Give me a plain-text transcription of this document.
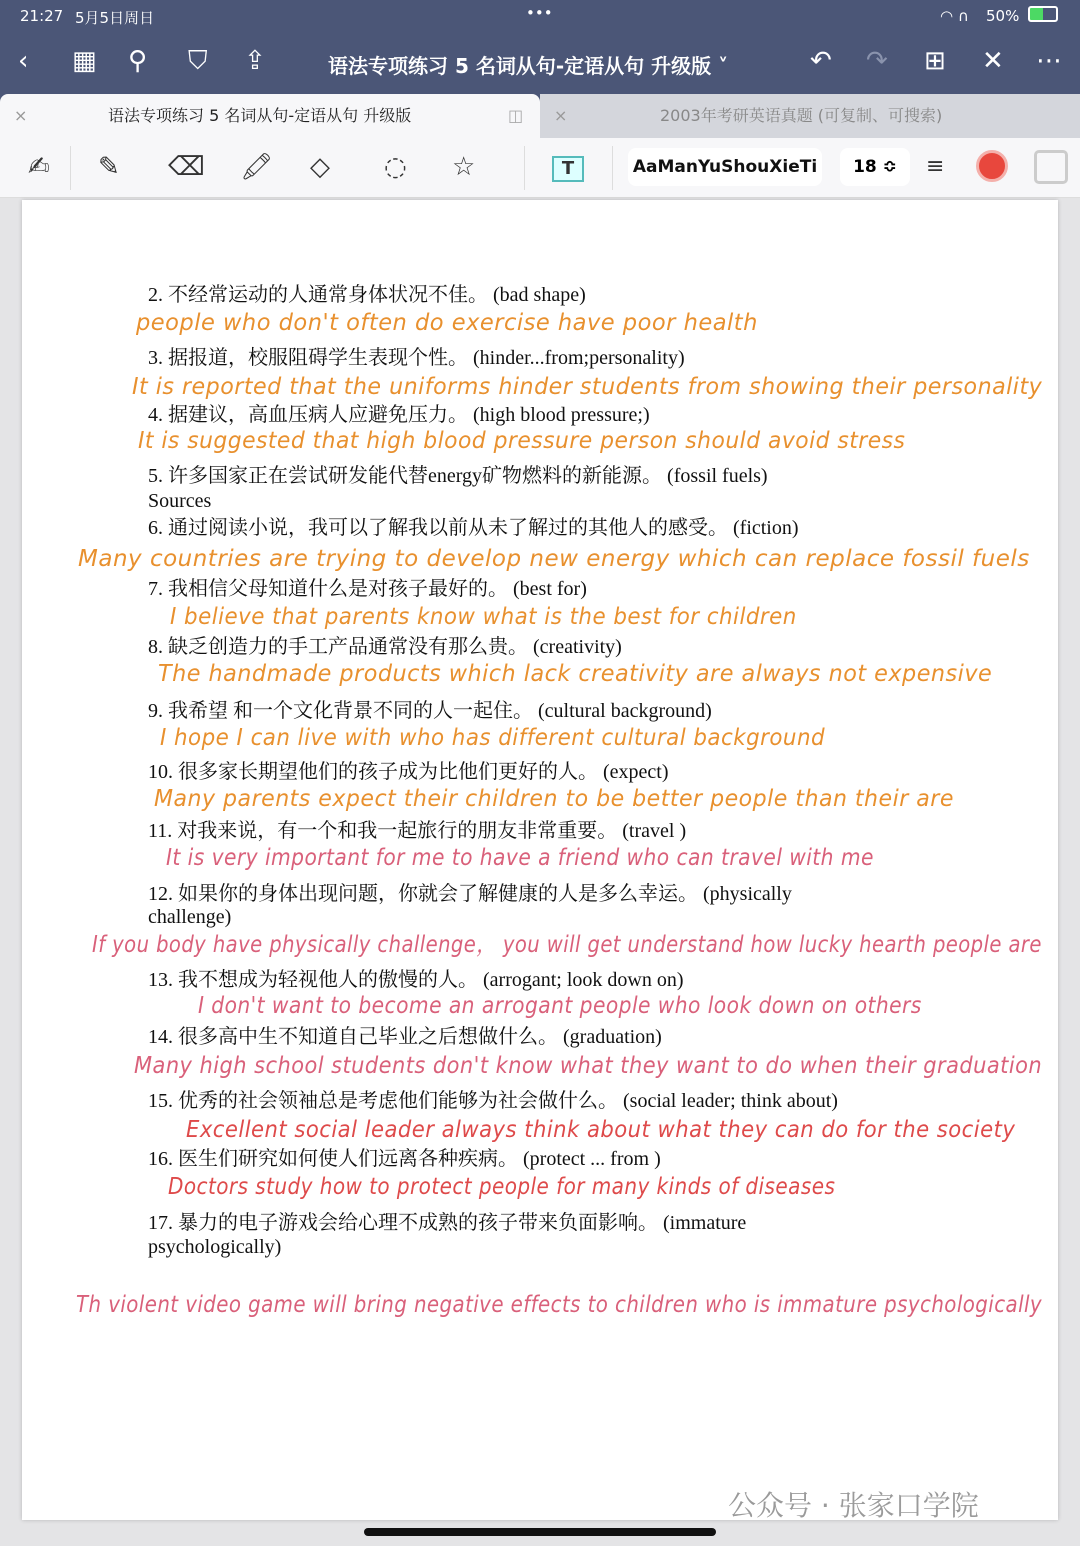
21:27 5月5日周日	•••	◠ ∩ 50%
‹ ▦ ⚲ ⛉ ⇪	语法专项练习 5 名词从句-定语从句 升级版 ˅	↶ ↷ ⊞ ✕ ⋯
×	语法专项练习 5 名词从句-定语从句 升级版	◫ ×	2003年考研英语真题 (可复制、可搜索)
✍ ✎ ⌫ 🖍 ◇ ◌ ☆	T	≡
AaManYuShouXieTi	18 ≎
2. 不经常运动的人通常身体状况不佳。 (bad shape)
3. 据报道，校服阻碍学生表现个性。 (hinder...from;personality)
4. 据建议，高血压病人应避免压力。 (high blood pressure;)
5. 许多国家正在尝试研发能代替energy矿物燃料的新能源。 (fossil fuels)
Sources
6. 通过阅读小说，我可以了解我以前从未了解过的其他人的感受。 (fiction)
7. 我相信父母知道什么是对孩子最好的。 (best for)
8. 缺乏创造力的手工产品通常没有那么贵。 (creativity)
9. 我希望 和一个文化背景不同的人一起住。 (cultural background)
10. 很多家长期望他们的孩子成为比他们更好的人。 (expect)
11. 对我来说，有一个和我一起旅行的朋友非常重要。 (travel )
12. 如果你的身体出现问题，你就会了解健康的人是多么幸运。 (physically
challenge)
13. 我不想成为轻视他人的傲慢的人。 (arrogant; look down on)
14. 很多高中生不知道自己毕业之后想做什么。 (graduation)
15. 优秀的社会领袖总是考虑他们能够为社会做什么。 (social leader; think about)
16. 医生们研究如何使人们远离各种疾病。 (protect ... from )
17. 暴力的电子游戏会给心理不成熟的孩子带来负面影响。 (immature
psychologically)
people who don't often do exercise have poor health
It is reported that the uniforms hinder students from showing their personality
It is suggested that high blood pressure person should avoid stress
Many countries are trying to develop new energy which can replace fossil fuels
I believe that parents know what is the best for children
The handmade products which lack creativity are always not expensive
I hope I can live with who has different cultural background
Many parents expect their children to be better people than their are
It is very important for me to have a friend who can travel with me
If you body have physically challenge， you will get understand how lucky hearth people are
I don't want to become an arrogant people who look down on others
Many high school students don't know what they want to do when their graduation
Excellent social leader always think about what they can do for the society
Doctors study how to protect people for many kinds of diseases
Th violent video game will bring negative effects to children who is immature psychologically
公众号 · 张家口学院
